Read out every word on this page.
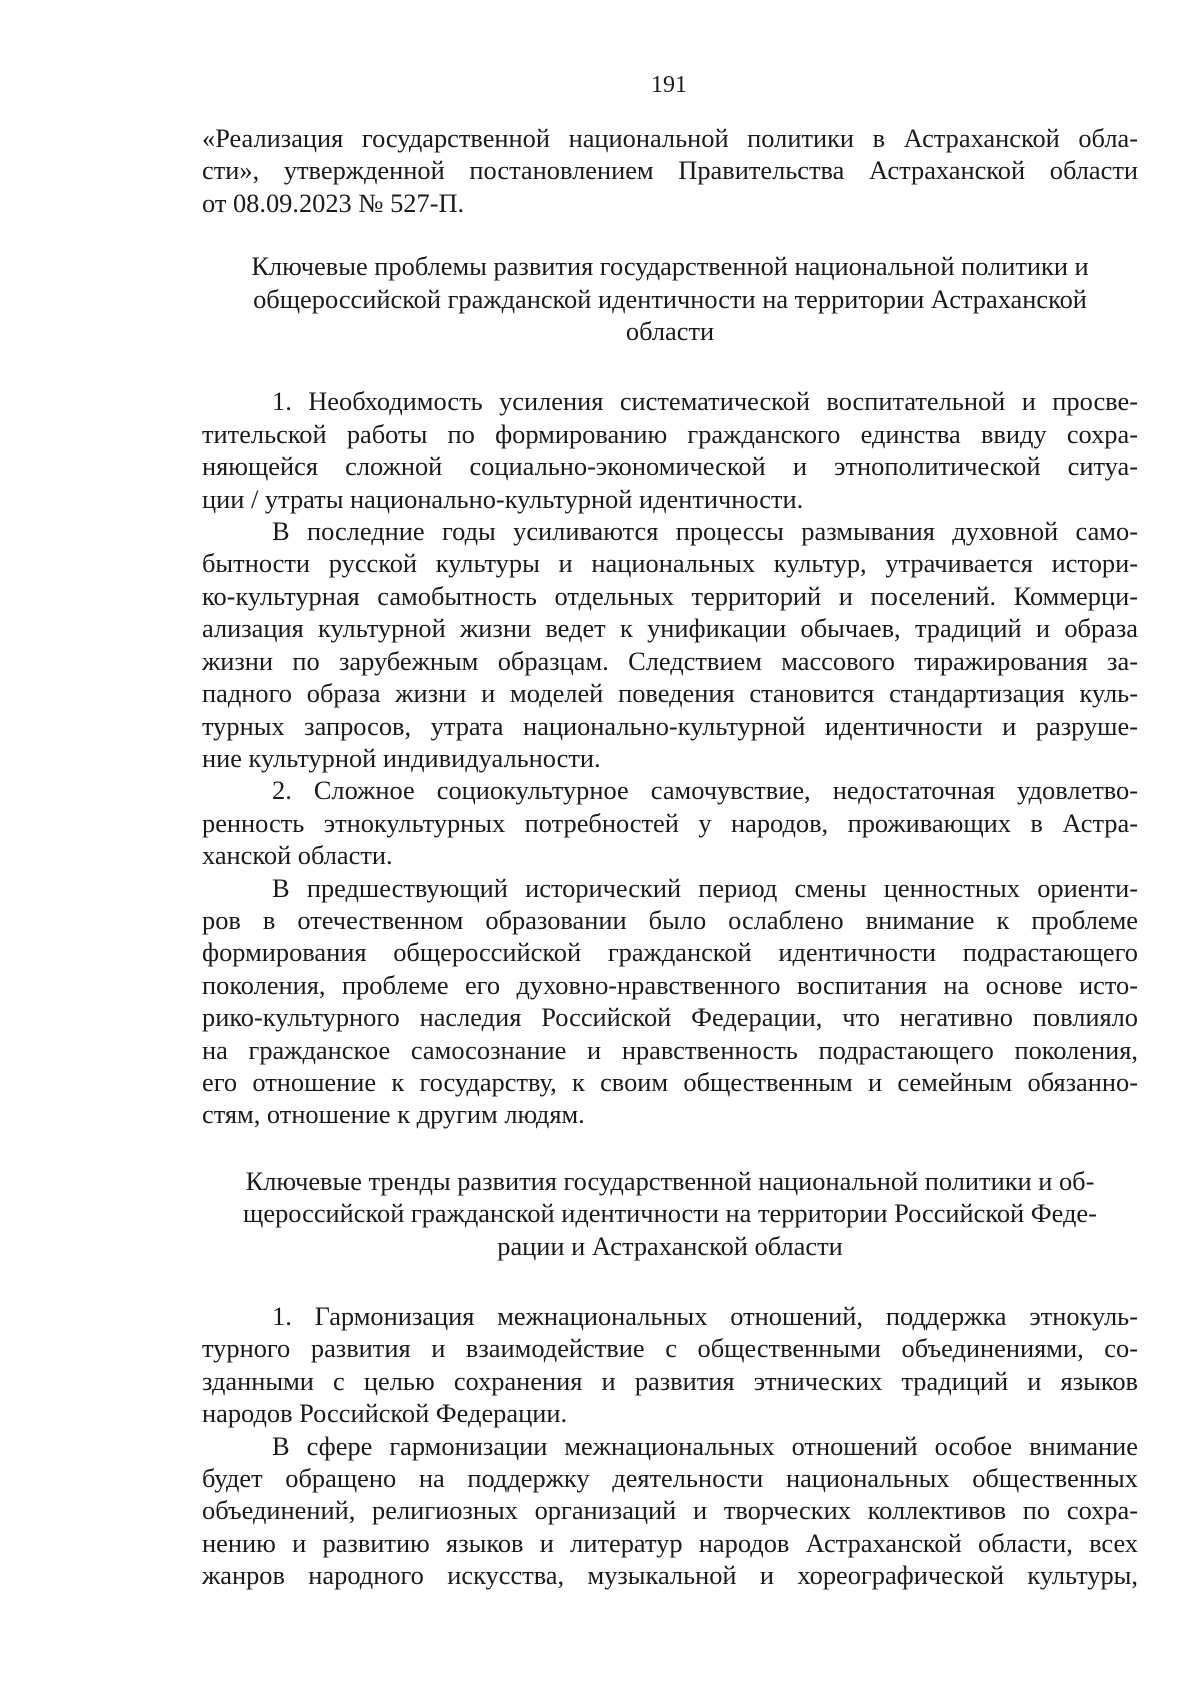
191

«Реализация государственной национальной политики в Астраханской обла-
сти», утвержденной постановлением Правительства Астраханской области
от 08.09.2023 № 527-П.

Ключевые проблемы развития государственной национальной политики и
общероссийской гражданской идентичности на территории Астраханской
области

1. Необходимость усиления систематической воспитательной и просве-
тительской работы по формированию гражданского единства ввиду сохра-
няющейся сложной социально-экономической и этнополитической ситуа-
ции / утраты национально-культурной идентичности.

В последние годы усиливаются процессы размывания духовной само-
бытности русской культуры и национальных культур, утрачивается истори-
ко-культурная самобытность отдельных территорий и поселений. Коммерци-
ализация культурной жизни ведет к унификации обычаев, традиций и образа
жизни по зарубежным образцам. Следствием массового тиражирования за-
падного образа жизни и моделей поведения становится стандартизация куль-
турных запросов, утрата национально-культурной идентичности и разруше-
ние культурной индивидуальности.

2. Сложное социокультурное самочувствие, недостаточная удовлетво-
ренность этнокультурных потребностей у народов, проживающих в Астра-
ханской области.

В предшествующий исторический период смены ценностных ориенти-
ров в отечественном образовании было ослаблено внимание к проблеме
формирования общероссийской гражданской идентичности подрастающего
поколения, проблеме его духовно-нравственного воспитания на основе исто-
рико-культурного наследия Российской Федерации, что негативно повлияло
на гражданское самосознание и нравственность подрастающего поколения,
его отношение к государству, к своим общественным и семейным обязанно-
стям, отношение к другим людям.

Ключевые тренды развития государственной национальной политики и об-
щероссийской гражданской идентичности на территории Российской Феде-
рации и Астраханской области

1. Гармонизация межнациональных отношений, поддержка этнокуль-
турного развития и взаимодействие с общественными объединениями, со-
зданными с целью сохранения и развития этнических традиций и языков
народов Российской Федерации.

В сфере гармонизации межнациональных отношений особое внимание
будет обращено на поддержку деятельности национальных общественных
объединений, религиозных организаций и творческих коллективов по сохра-
нению и развитию языков и литератур народов Астраханской области, всех
жанров народного искусства, музыкальной и хореографической культуры,
